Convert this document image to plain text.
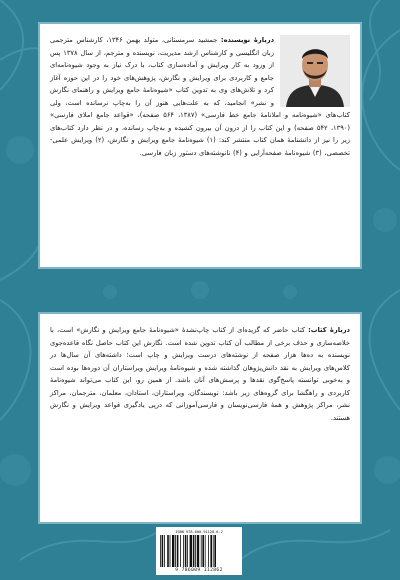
دربارهٔ نویسنده: جمشید سرمستانی، متولد بهمن ۱۳۴۶، کارشناس مترجمی زبان انگلیسی و کارشناس ارشد مدیریت، نویسنده و مترجم، از سال ۱۳۷۸ پس از ورود به کار ویرایش و آماده‌سازی کتاب، با درک نیاز به وجود شیوه‌نامه‌ای جامع و کاربردی برای ویرایش و نگارش، پژوهش‌های خود را در این حوزه آغاز کرد و تلاش‌های وی به تدوین کتاب «شیوه‌نامهٔ جامع ویرایش و راهنمای نگارش و نشر» انجامید، که به علت‌هایی هنوز آن را به‌چاپ نرسانده است، ولی کتاب‌های «شیوه‌نامه و املانامهٔ جامع خط فارسی» (۱۳۸۷، ۵۶۴ صفحه)، «قواعد جامع املای فارسی» (۱۳۹۰، ۵۴۲ صفحه) و این کتاب را از درون آن بیرون کشیده و به‌چاپ رسانده، و در نظر دارد کتاب‌های زیر را نیز از دانشنامهٔ همان کتاب منتشر کند: (۱) شیوه‌نامهٔ جامع ویرایش و نگارش، (۲) ویرایش علمی- تخصصی، (۳) شیوه‌نامهٔ صفحه‌آرایی و (۴) نانوشته‌های دستور زبان فارسی.

دربارهٔ کتاب: کتاب حاضر که گزیده‌ای از کتاب چاپ‌نشدهٔ «شیوه‌نامهٔ جامع ویرایش و نگارش» است، با خلاصه‌سازی و حذف برخی از مطالب آن کتاب تدوین شده است. نگارش این کتاب حاصل نگاه قاعده‌جوی نویسنده به ده‌ها هزار صفحه از نوشته‌های درست ویرایش و چاپ است؛ داشته‌های آن سال‌ها در کلاس‌های ویرایش به نقد دانش‌پژوهان گذاشته شده و شیوه‌نامهٔ ویرایش ویراستاران آن دوره‌ها بوده است و به‌خوبی توانسته پاسخ‌گوی نقدها و پرسش‌های آنان باشد. از همین رو، این کتاب می‌تواند شیوه‌نامهٔ کاربردی و راهگشا برای گروه‌های زیر باشد: نویسندگان، ویراستاران، استادان، معلمان، مترجمان، مراکز نشر، مراکز پژوهش و همهٔ فارسی‌نویسان و فارسی‌آموزانی که درپی یادگیری قواعد ویرایش و نگارش هستند.

ISBN 978-600-91128-6-2
9 786009 112862
